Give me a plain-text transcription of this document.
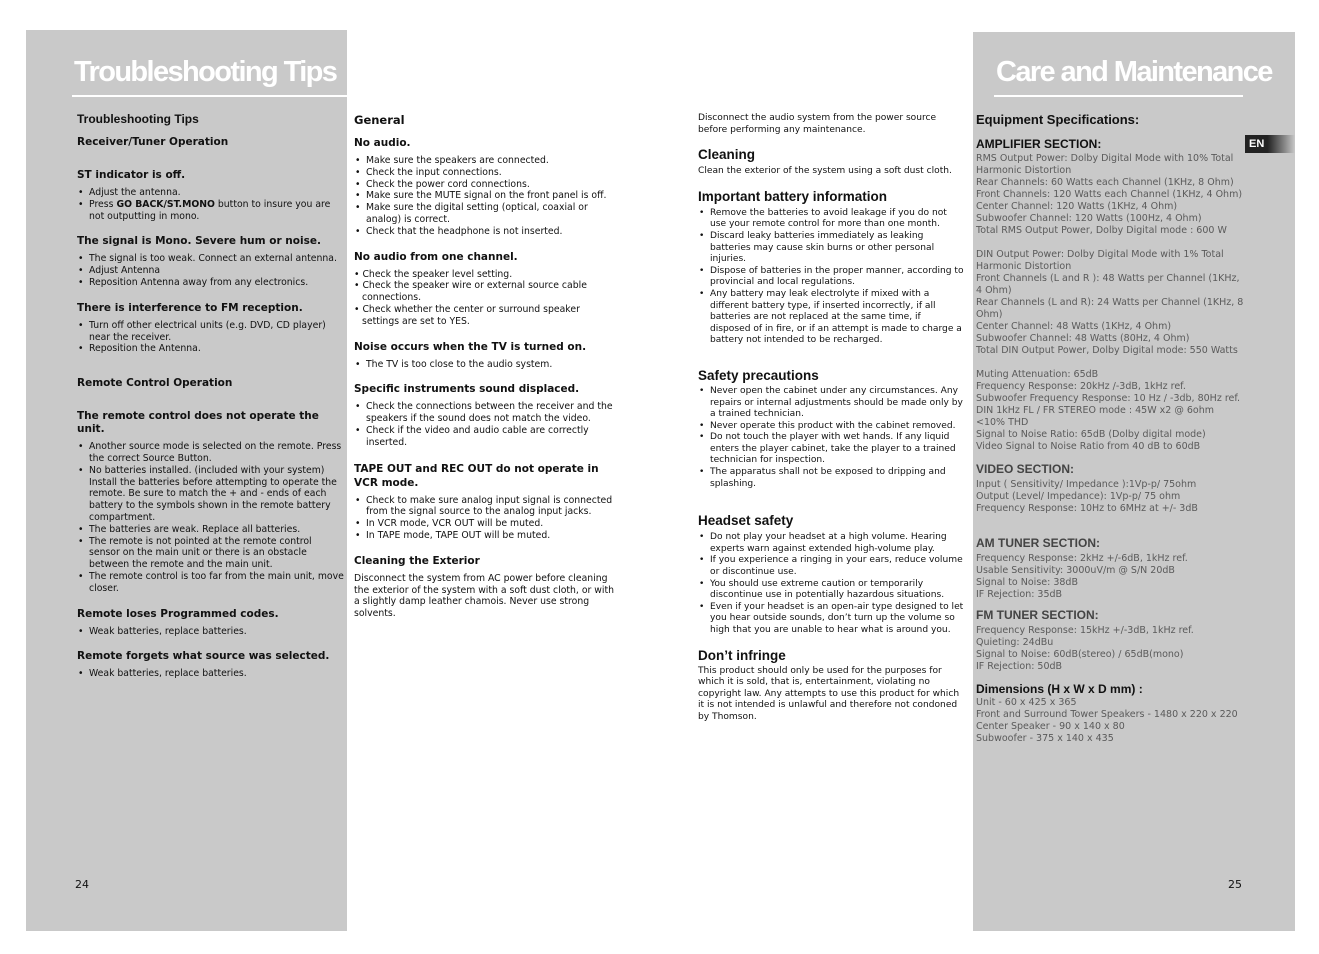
Troubleshooting Tips	Care and Maintenance
EN
24	25

Troubleshooting Tips

Receiver/Tuner Operation

ST indicator is off.

• Adjust the antenna.
• Press GO BACK/ST.MONO button to insure you are not outputting in mono.

The signal is Mono. Severe hum or noise.

• The signal is too weak. Connect an external antenna.
• Adjust Antenna
• Reposition Antenna away from any electronics.

There is interference to FM reception.

• Turn off other electrical units (e.g. DVD, CD player) near the receiver.
• Reposition the Antenna.

Remote Control Operation

The remote control does not operate the unit.

• Another source mode is selected on the remote. Press the correct Source Button.
• No batteries installed. (included with your system) Install the batteries before attempting to operate the remote. Be sure to match the + and - ends of each battery to the symbols shown in the remote battery compartment.
• The batteries are weak. Replace all batteries.
• The remote is not pointed at the remote control sensor on the main unit or there is an obstacle between the remote and the main unit.
• The remote control is too far from the main unit, move closer.

Remote loses Programmed codes.

• Weak batteries, replace batteries.

Remote forgets what source was selected.

• Weak batteries, replace batteries.

General

No audio.

• Make sure the speakers are connected.
• Check the input connections.
• Check the power cord connections.
• Make sure the MUTE signal on the front panel is off.
• Make sure the digital setting (optical, coaxial or analog) is correct.
• Check that the headphone is not inserted.

No audio from one channel.

• Check the speaker level setting.
• Check the speaker wire or external source cable connections.
• Check whether the center or surround speaker settings are set to YES.

Noise occurs when the TV is turned on.

• The TV is too close to the audio system.

Specific instruments sound displaced.

• Check the connections between the receiver and the speakers if the sound does not match the video.
• Check if the video and audio cable are correctly inserted.

TAPE OUT and REC OUT do not operate in VCR mode.

• Check to make sure analog input signal is connected from the signal source to the analog input jacks.
• In VCR mode, VCR OUT will be muted.
• In TAPE mode, TAPE OUT will be muted.

Cleaning the Exterior

Disconnect the system from AC power before cleaning the exterior of the system with a soft dust cloth, or with a slightly damp leather chamois. Never use strong solvents.

Disconnect the audio system from the power source before performing any maintenance.

Cleaning

Clean the exterior of the system using a soft dust cloth.

Important battery information

• Remove the batteries to avoid leakage if you do not use your remote control for more than one month.
• Discard leaky batteries immediately as leaking batteries may cause skin burns or other personal injuries.
• Dispose of batteries in the proper manner, according to provincial and local regulations.
• Any battery may leak electrolyte if mixed with a different battery type, if inserted incorrectly, if all batteries are not replaced at the same time, if disposed of in fire, or if an attempt is made to charge a battery not intended to be recharged.

Safety precautions

• Never open the cabinet under any circumstances. Any repairs or internal adjustments should be made only by a trained technician.
• Never operate this product with the cabinet removed.
• Do not touch the player with wet hands. If any liquid enters the player cabinet, take the player to a trained technician for inspection.
• The apparatus shall not be exposed to dripping and splashing.

Headset safety

• Do not play your headset at a high volume. Hearing experts warn against extended high-volume play.
• If you experience a ringing in your ears, reduce volume or discontinue use.
• You should use extreme caution or temporarily discontinue use in potentially hazardous situations.
• Even if your headset is an open-air type designed to let you hear outside sounds, don’t turn up the volume so high that you are unable to hear what is around you.

Don’t infringe

This product should only be used for the purposes for which it is sold, that is, entertainment, violating no copyright law. Any attempts to use this product for which it is not intended is unlawful and therefore not condoned by Thomson.

Equipment Specifications:

AMPLIFIER SECTION:

RMS Output Power: Dolby Digital Mode with 10% Total Harmonic Distortion

Rear Channels: 60 Watts each Channel (1KHz, 8 Ohm)

Front Channels: 120 Watts each Channel (1KHz, 4 Ohm)

Center Channel: 120 Watts (1KHz, 4 Ohm)

Subwoofer Channel: 120 Watts (100Hz, 4 Ohm)

Total RMS Output Power, Dolby Digital mode : 600 W

DIN Output Power: Dolby Digital Mode with 1% Total Harmonic Distortion

Front Channels (L and R ): 48 Watts per Channel (1KHz, 4 Ohm)

Rear Channels (L and R): 24 Watts per Channel (1KHz, 8 Ohm)

Center Channel: 48 Watts (1KHz, 4 Ohm)

Subwoofer Channel: 48 Watts (80Hz, 4 Ohm)

Total DIN Output Power, Dolby Digital mode: 550 Watts

Muting Attenuation: 65dB

Frequency Response: 20kHz /-3dB, 1kHz ref.

Subwoofer Frequency Response: 10 Hz / -3db, 80Hz ref.

DIN 1kHz FL / FR STEREO mode : 45W x2 @ 6ohm <10% THD

Signal to Noise Ratio: 65dB (Dolby digital mode)

Video Signal to Noise Ratio from 40 dB to 60dB

VIDEO SECTION:

Input ( Sensitivity/ Impedance ):1Vp-p/ 75ohm

Output (Level/ Impedance): 1Vp-p/ 75 ohm

Frequency Response: 10Hz to 6MHz at +/- 3dB

AM TUNER SECTION:

Frequency Response: 2kHz +/-6dB, 1kHz ref.

Usable Sensitivity: 3000uV/m @ S/N 20dB

Signal to Noise: 38dB

IF Rejection: 35dB

FM TUNER SECTION:

Frequency Response: 15kHz +/-3dB, 1kHz ref.

Quieting: 24dBu

Signal to Noise: 60dB(stereo) / 65dB(mono)

IF Rejection: 50dB

Dimensions (H x W x D mm) :

Unit - 60 x 425 x 365

Front and Surround Tower Speakers - 1480 x 220 x 220

Center Speaker - 90 x 140 x 80

Subwoofer - 375 x 140 x 435
